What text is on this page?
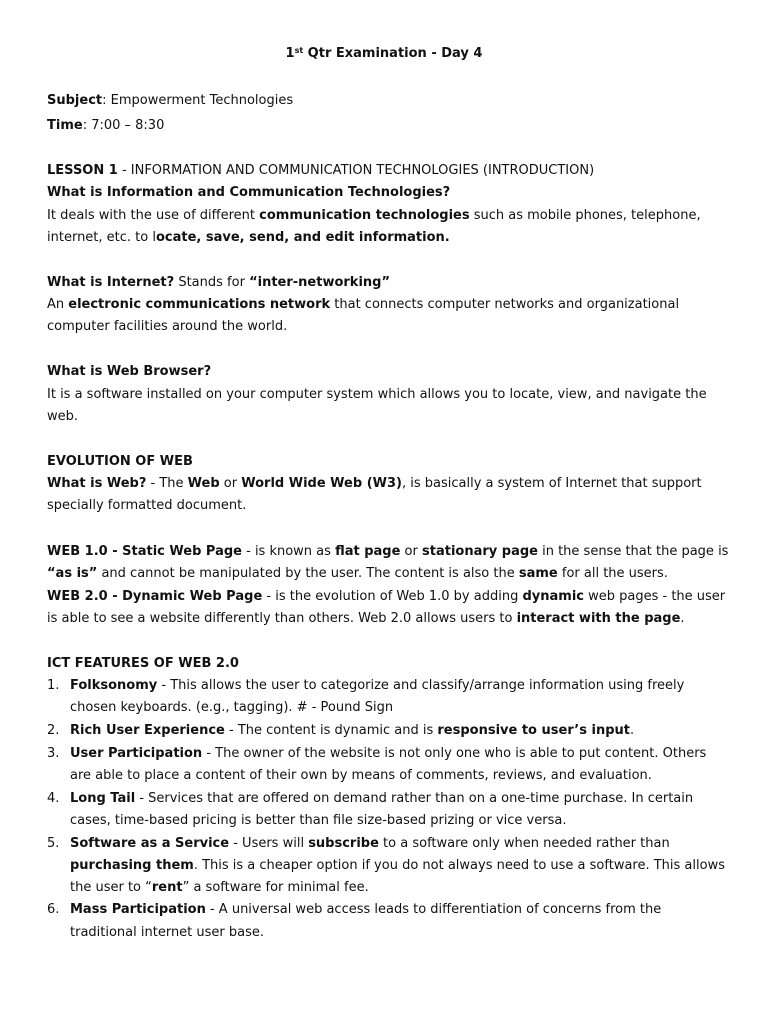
1st Qtr Examination - Day 4
Subject: Empowerment Technologies
Time: 7:00 – 8:30
LESSON 1 - INFORMATION AND COMMUNICATION TECHNOLOGIES (INTRODUCTION)
What is Information and Communication Technologies?
It deals with the use of different communication technologies such as mobile phones, telephone,
internet, etc. to locate, save, send, and edit information.
What is Internet? Stands for “inter-networking”
An electronic communications network that connects computer networks and organizational
computer facilities around the world.
What is Web Browser?
It is a software installed on your computer system which allows you to locate, view, and navigate the
web.
EVOLUTION OF WEB
What is Web? - The Web or World Wide Web (W3), is basically a system of Internet that support
specially formatted document.
WEB 1.0 - Static Web Page - is known as flat page or stationary page in the sense that the page is
“as is” and cannot be manipulated by the user. The content is also the same for all the users.
WEB 2.0 - Dynamic Web Page - is the evolution of Web 1.0 by adding dynamic web pages - the user
is able to see a website differently than others. Web 2.0 allows users to interact with the page.
ICT FEATURES OF WEB 2.0
1. Folksonomy - This allows the user to categorize and classify/arrange information using freely
chosen keyboards. (e.g., tagging). # - Pound Sign
2. Rich User Experience - The content is dynamic and is responsive to user’s input.
3. User Participation - The owner of the website is not only one who is able to put content. Others
are able to place a content of their own by means of comments, reviews, and evaluation.
4. Long Tail - Services that are offered on demand rather than on a one-time purchase. In certain
cases, time-based pricing is better than file size-based prizing or vice versa.
5. Software as a Service - Users will subscribe to a software only when needed rather than
purchasing them. This is a cheaper option if you do not always need to use a software. This allows
the user to “rent” a software for minimal fee.
6. Mass Participation - A universal web access leads to differentiation of concerns from the
traditional internet user base.
